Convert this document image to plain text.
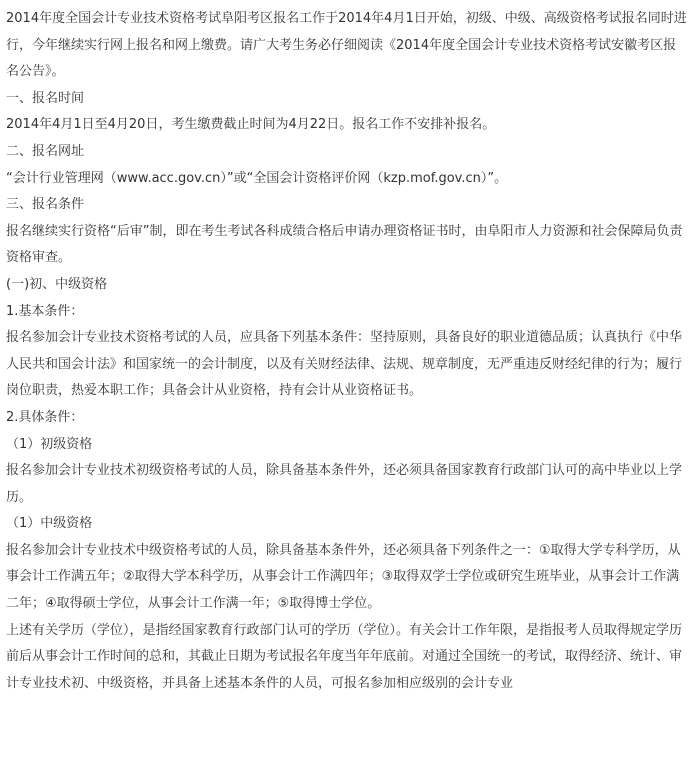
2014年度全国会计专业技术资格考试阜阳考区报名工作于2014年4月1日开始，初级、中级、高级资格考试报名同时进行，今年继续实行网上报名和网上缴费。请广大考生务必仔细阅读《2014年度全国会计专业技术资格考试安徽考区报名公告》。

一、报名时间

2014年4月1日至4月20日，考生缴费截止时间为4月22日。报名工作不安排补报名。

二、报名网址

“会计行业管理网（www.acc.gov.cn）”或“全国会计资格评价网（kzp.mof.gov.cn）”。

三、报名条件

报名继续实行资格“后审”制，即在考生考试各科成绩合格后申请办理资格证书时，由阜阳市人力资源和社会保障局负责资格审查。

(一)初、中级资格

1.基本条件：

报名参加会计专业技术资格考试的人员，应具备下列基本条件：坚持原则，具备良好的职业道德品质；认真执行《中华人民共和国会计法》和国家统一的会计制度，以及有关财经法律、法规、规章制度，无严重违反财经纪律的行为；履行岗位职责，热爱本职工作；具备会计从业资格，持有会计从业资格证书。

2.具体条件：

（1）初级资格

报名参加会计专业技术初级资格考试的人员，除具备基本条件外，还必须具备国家教育行政部门认可的高中毕业以上学历。

（1）中级资格

报名参加会计专业技术中级资格考试的人员，除具备基本条件外，还必须具备下列条件之一：①取得大学专科学历，从事会计工作满五年；②取得大学本科学历，从事会计工作满四年；③取得双学士学位或研究生班毕业，从事会计工作满二年；④取得硕士学位，从事会计工作满一年；⑤取得博士学位。

上述有关学历（学位），是指经国家教育行政部门认可的学历（学位）。有关会计工作年限，是指报考人员取得规定学历前后从事会计工作时间的总和，其截止日期为考试报名年度当年年底前。对通过全国统一的考试，取得经济、统计、审计专业技术初、中级资格，并具备上述基本条件的人员，可报名参加相应级别的会计专业
